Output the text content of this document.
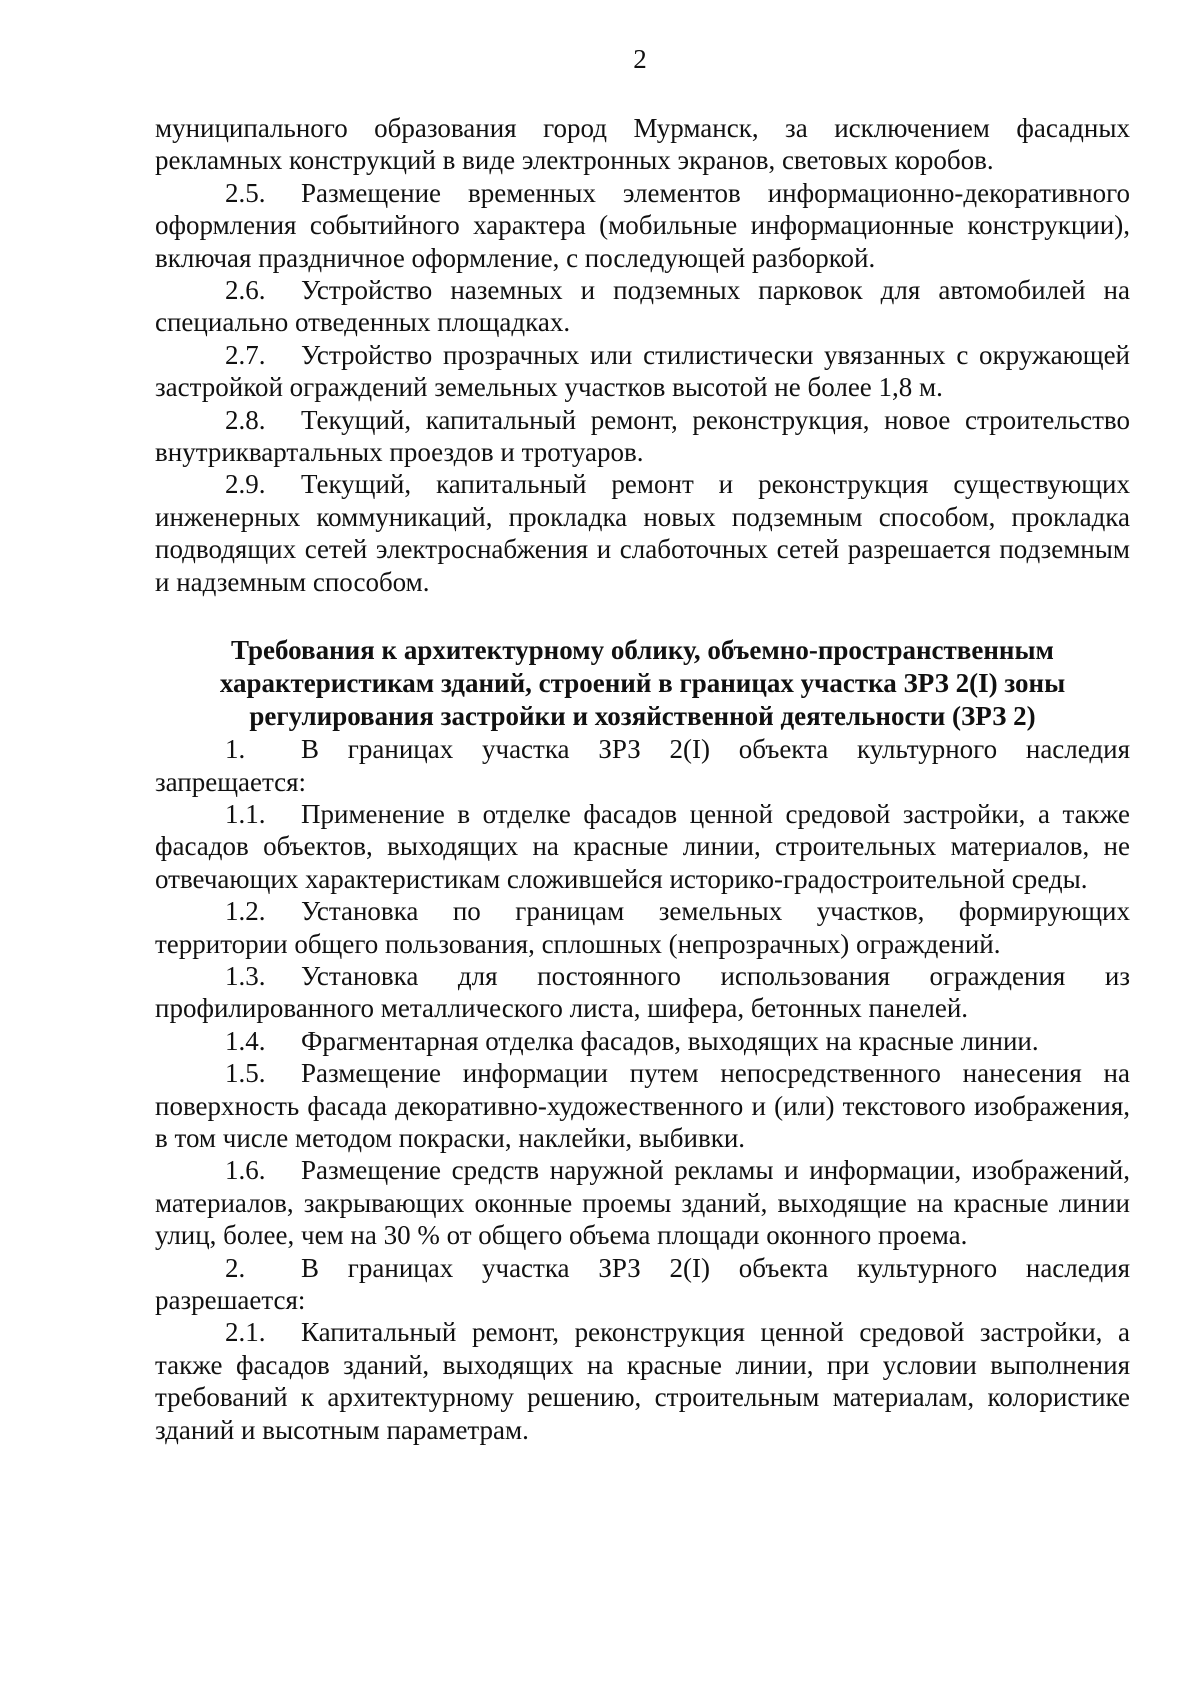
2

муниципального образования город Мурманск, за исключением фасадных рекламных конструкций в виде электронных экранов, световых коробов.

2.5. Размещение временных элементов информационно-декоративного оформления событийного характера (мобильные информационные конструкции), включая праздничное оформление, с последующей разборкой.

2.6. Устройство наземных и подземных парковок для автомобилей на специально отведенных площадках.

2.7. Устройство прозрачных или стилистически увязанных с окружающей застройкой ограждений земельных участков высотой не более 1,8 м.

2.8. Текущий, капитальный ремонт, реконструкция, новое строительство внутриквартальных проездов и тротуаров.

2.9. Текущий, капитальный ремонт и реконструкция существующих инженерных коммуникаций, прокладка новых подземным способом, прокладка подводящих сетей электроснабжения и слаботочных сетей разрешается подземным и надземным способом.

Требования к архитектурному облику, объемно-пространственным
характеристикам зданий, строений в границах участка ЗРЗ 2(I) зоны
регулирования застройки и хозяйственной деятельности (ЗРЗ 2)

1. В границах участка ЗРЗ 2(I) объекта культурного наследия запрещается:

1.1. Применение в отделке фасадов ценной средовой застройки, а также фасадов объектов, выходящих на красные линии, строительных материалов, не отвечающих характеристикам сложившейся историко-градостроительной среды.

1.2. Установка по границам земельных участков, формирующих территории общего пользования, сплошных (непрозрачных) ограждений.

1.3. Установка для постоянного использования ограждения из профилированного металлического листа, шифера, бетонных панелей.

1.4. Фрагментарная отделка фасадов, выходящих на красные линии.

1.5. Размещение информации путем непосредственного нанесения на поверхность фасада декоративно-художественного и (или) текстового изображения, в том числе методом покраски, наклейки, выбивки.

1.6. Размещение средств наружной рекламы и информации, изображений, материалов, закрывающих оконные проемы зданий, выходящие на красные линии улиц, более, чем на 30 % от общего объема площади оконного проема.

2. В границах участка ЗРЗ 2(I) объекта культурного наследия разрешается:

2.1. Капитальный ремонт, реконструкция ценной средовой застройки, а также фасадов зданий, выходящих на красные линии, при условии выполнения требований к архитектурному решению, строительным материалам, колористике зданий и высотным параметрам.
